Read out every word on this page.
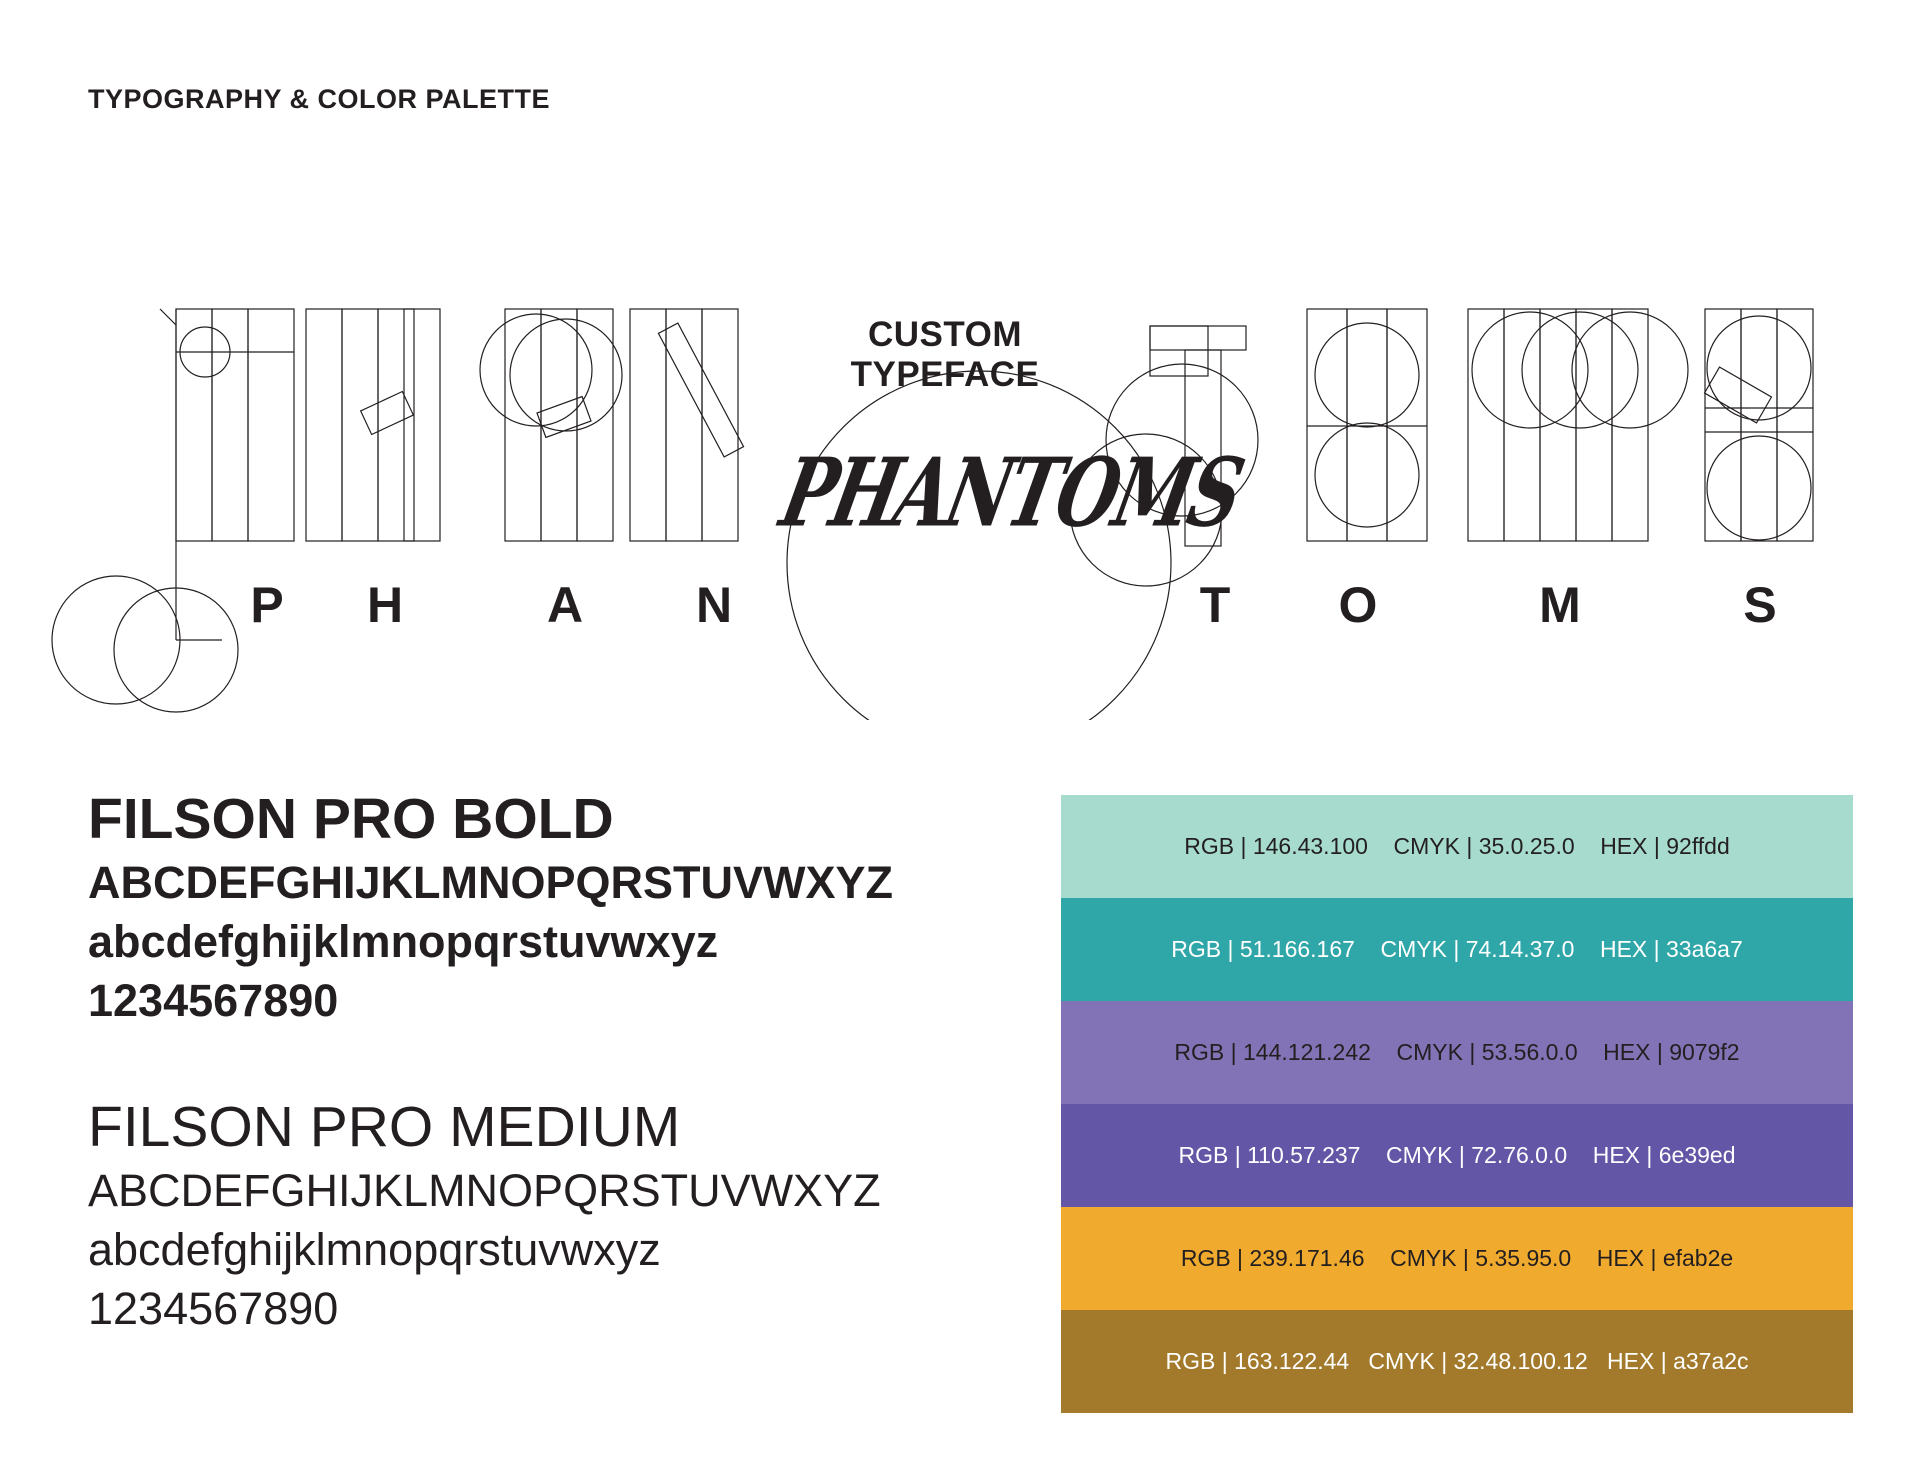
TYPOGRAPHY & COLOR PALETTE

CUSTOM TYPEFACE

PHANTOMS
P H	A N	T O	M	S
FILSON PRO BOLD

ABCDEFGHIJKLMNOPQRSTUVWXYZ

abcdefghijklmnopqrstuvwxyz

1234567890

FILSON PRO MEDIUM

ABCDEFGHIJKLMNOPQRSTUVWXYZ

abcdefghijklmnopqrstuvwxyz

1234567890

RGB | 146.43.100    CMYK | 35.0.25.0    HEX | 92ffdd
RGB | 51.166.167    CMYK | 74.14.37.0    HEX | 33a6a7
RGB | 144.121.242    CMYK | 53.56.0.0    HEX | 9079f2
RGB | 110.57.237    CMYK | 72.76.0.0    HEX | 6e39ed
RGB | 239.171.46    CMYK | 5.35.95.0    HEX | efab2e
RGB | 163.122.44   CMYK | 32.48.100.12   HEX | a37a2c
